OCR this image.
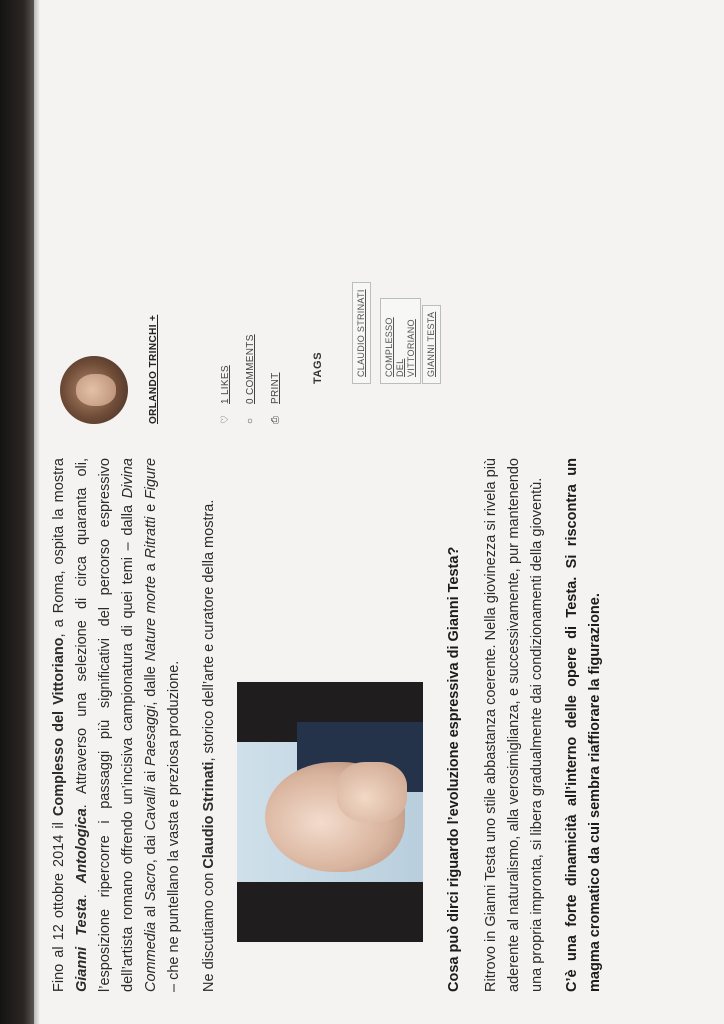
Fino al 12 ottobre 2014 il Complesso del Vittoriano, a Roma, ospita la mostra Gianni Testa. Antologica. Attraverso una selezione di circa quaranta oli, l’esposizione ripercorre i passaggi più significativi del percorso espressivo dell’artista romano offrendo un’incisiva campionatura di quei temi – dalla Divina Commedia al Sacro, dai Cavalli ai Paesaggi, dalle Nature morte a Ritratti e Figure – che ne puntellano la vasta e preziosa produzione. Ne discutiamo con Claudio Strinati, storico dell’arte e curatore della mostra.	Cosa può dirci riguardo l’evoluzione espressiva di Gianni Testa? Ritrovo in Gianni Testa uno stile abbastanza coerente. Nella giovinezza si rivela più aderente al naturalismo, alla verosimiglianza, e successivamente, pur mantenendo una propria impronta, si libera gradualmente dai condizionamenti della gioventù. C’è una forte dinamicità all’interno delle opere di Testa. Si riscontra un magma cromatico da cui sembra riaffiorare la figurazione.

ORLANDO TRINCHI +	♡
1 LIKES
○
0 COMMENTS
⎙
PRINT
TAGS	CLAUDIO STRINATI	COMPLESSO DEL VITTORIANO	GIANNI TESTA
